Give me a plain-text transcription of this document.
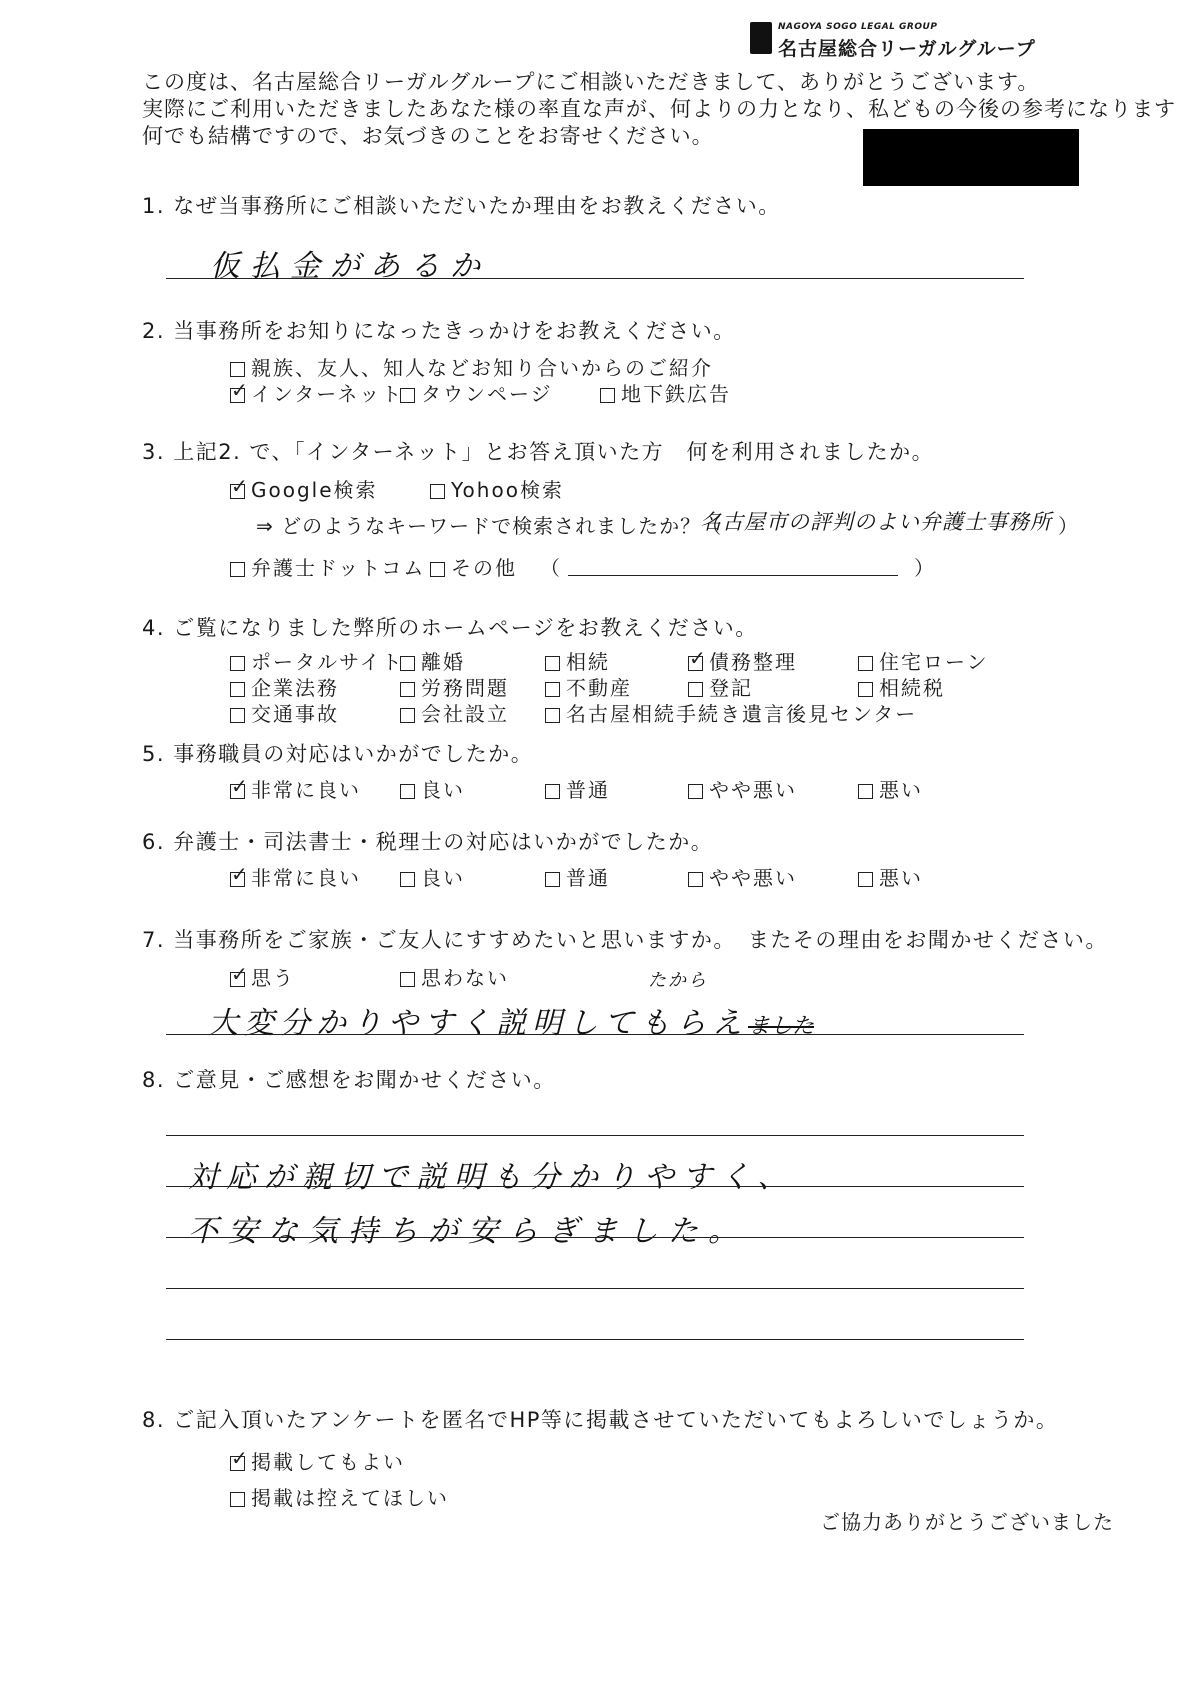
NAGOYA SOGO LEGAL GROUP
名古屋総合リーガルグループ
この度は、名古屋総合リーガルグループにご相談いただきまして、ありがとうございます。
実際にご利用いただきましたあなた様の率直な声が、何よりの力となり、私どもの今後の参考になります
何でも結構ですので、お気づきのことをお寄せください。
1. なぜ当事務所にご相談いただいたか理由をお教えください。
仮払金があるか
2. 当事務所をお知りになったきっかけをお教えください。
親族、友人、知人などお知り合いからのご紹介
✓インターネット タウンページ	地下鉄広告
3. 上記2. で、「インターネット」とお答え頂いた方　何を利用されましたか。
✓Google検索	Yohoo検索
⇒ どのようなキーワードで検索されましたか？（
名古屋市の評判のよい弁護士事務所 ）
弁護士ドットコム	その他 （	）
4. ご覧になりました弊所のホームページをお教えください。
ポータルサイト 離婚	相続
✓	債務整理	住宅ローン
企業法務	労務問題	不動産	登記	相続税
交通事故	会社設立	名古屋相続手続き遺言後見センター
5. 事務職員の対応はいかがでしたか。
✓非常に良い	良い	普通	やや悪い	悪い
6. 弁護士・司法書士・税理士の対応はいかがでしたか。
✓非常に良い	良い	普通	やや悪い	悪い
7. 当事務所をご家族・ご友人にすすめたいと思いますか。　またその理由をお聞かせください。
✓思う	思わない	たから
大変分かりやすく説明してもらえました
8. ご意見・ご感想をお聞かせください。
対応が親切で説明も分かりやすく、
不安な気持ちが安らぎました。
8. ご記入頂いたアンケートを匿名でHP等に掲載させていただいてもよろしいでしょうか。
✓掲載してもよい
掲載は控えてほしい
ご協力ありがとうございました
